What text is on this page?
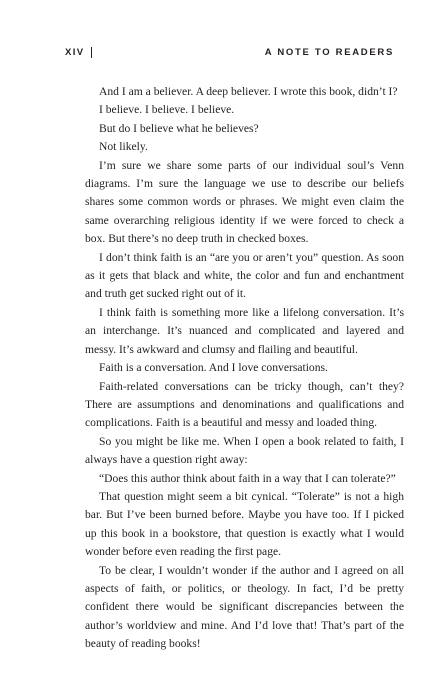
XIV	A NOTE TO READERS

And I am a believer. A deep believer. I wrote this book, didn’t I?

I believe. I believe. I believe.

But do I believe what he believes?

Not likely.

I’m sure we share some parts of our individual soul’s Venn diagrams. I’m sure the language we use to describe our beliefs shares some common words or phrases. We might even claim the same overarching religious identity if we were forced to check a box. But there’s no deep truth in checked boxes.

I don’t think faith is an “are you or aren’t you” question. As soon as it gets that black and white, the color and fun and enchantment and truth get sucked right out of it.

I think faith is something more like a lifelong conversation. It’s an interchange. It’s nuanced and complicated and layered and messy. It’s awkward and clumsy and flailing and beautiful.

Faith is a conversation. And I love conversations.

Faith-related conversations can be tricky though, can’t they? There are assumptions and denominations and qualifications and complications. Faith is a beautiful and messy and loaded thing.

So you might be like me. When I open a book related to faith, I always have a question right away:

“Does this author think about faith in a way that I can tolerate?”

That question might seem a bit cynical. “Tolerate” is not a high bar. But I’ve been burned before. Maybe you have too. If I picked up this book in a bookstore, that question is exactly what I would wonder before even reading the first page.

To be clear, I wouldn’t wonder if the author and I agreed on all aspects of faith, or politics, or theology. In fact, I’d be pretty confident there would be significant discrepancies between the author’s worldview and mine. And I’d love that! That’s part of the beauty of reading books!
